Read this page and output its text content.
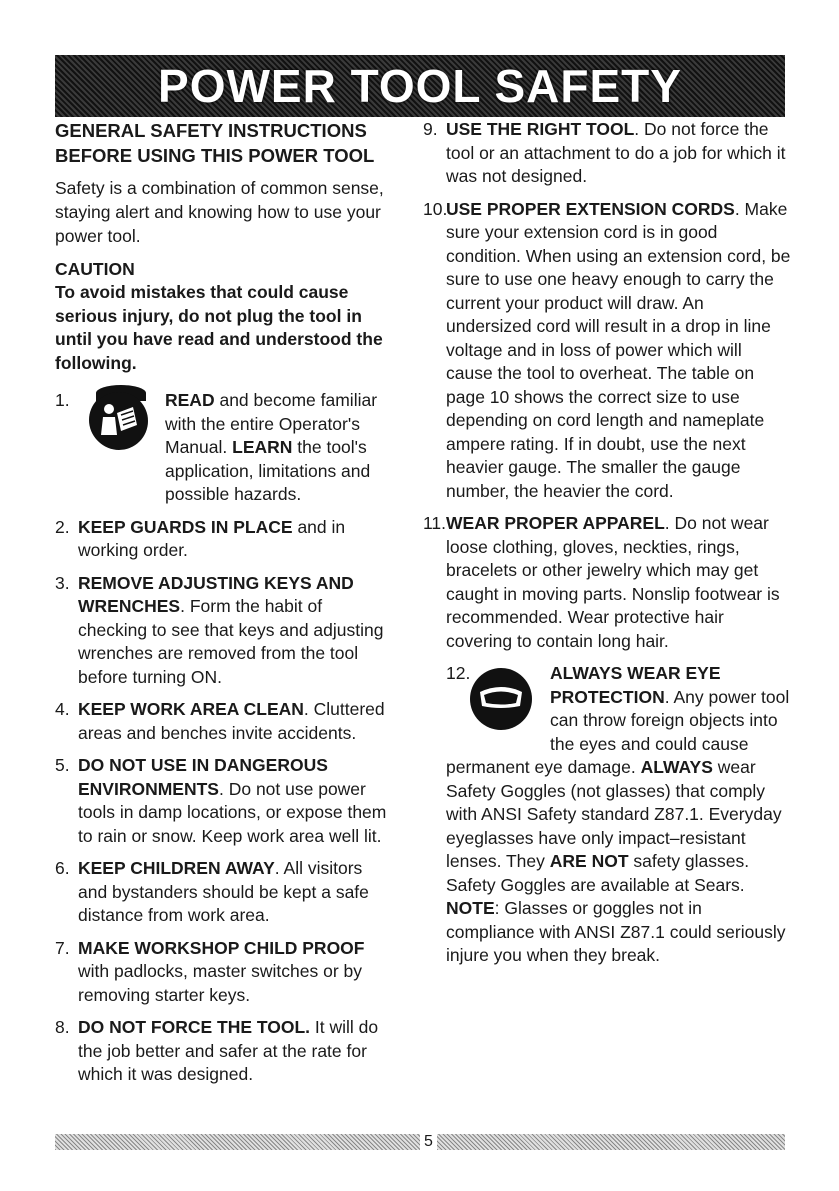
POWER TOOL SAFETY
GENERAL SAFETY INSTRUCTIONS
BEFORE USING THIS POWER TOOL
Safety is a combination of common sense, staying alert and knowing how to use your power tool.
CAUTION
To avoid mistakes that could cause serious injury, do not plug the tool in until you have read and understood the following.
1.	READ and become familiar with the entire Operator's Manual. LEARN the tool's application, limitations and possible hazards.
2. KEEP GUARDS IN PLACE and in working order.
3. REMOVE ADJUSTING KEYS AND WRENCHES. Form the habit of checking to see that keys and adjusting wrenches are removed from the tool before turning ON.
4. KEEP WORK AREA CLEAN. Cluttered areas and benches invite accidents.
5. DO NOT USE IN DANGEROUS ENVIRONMENTS. Do not use power tools in damp locations, or expose them to rain or snow. Keep work area well lit.
6. KEEP CHILDREN AWAY. All visitors and bystanders should be kept a safe distance from work area.
7. MAKE WORKSHOP CHILD PROOF with padlocks, master switches or by removing starter keys.
8. DO NOT FORCE THE TOOL. It will do the job better and safer at the rate for which it was designed.
9. USE THE RIGHT TOOL. Do not force the tool or an attachment to do a job for which it was not designed.
10.
USE PROPER EXTENSION CORDS. Make sure your extension cord is in good condition. When using an extension cord, be sure to use one heavy enough to carry the current your product will draw. An undersized cord will result in a drop in line voltage and in loss of power which will cause the tool to overheat. The table on page 10 shows the correct size to use depending on cord length and nameplate ampere rating. If in doubt, use the next heavier gauge. The smaller the gauge number, the heavier the cord.
11. WEAR PROPER APPAREL. Do not wear loose clothing, gloves, neckties, rings, bracelets or other jewelry which may get caught in moving parts. Nonslip footwear is recommended. Wear protective hair covering to contain long hair.
12.	ALWAYS WEAR EYE PROTECTION. Any power tool can throw foreign objects into the eyes and could cause permanent eye damage. ALWAYS wear Safety Goggles (not glasses) that comply with ANSI Safety standard Z87.1. Everyday eyeglasses have only impact–resistant lenses. They ARE NOT safety glasses. Safety Goggles are available at Sears. NOTE: Glasses or goggles not in compliance with ANSI Z87.1 could seriously injure you when they break.
5
